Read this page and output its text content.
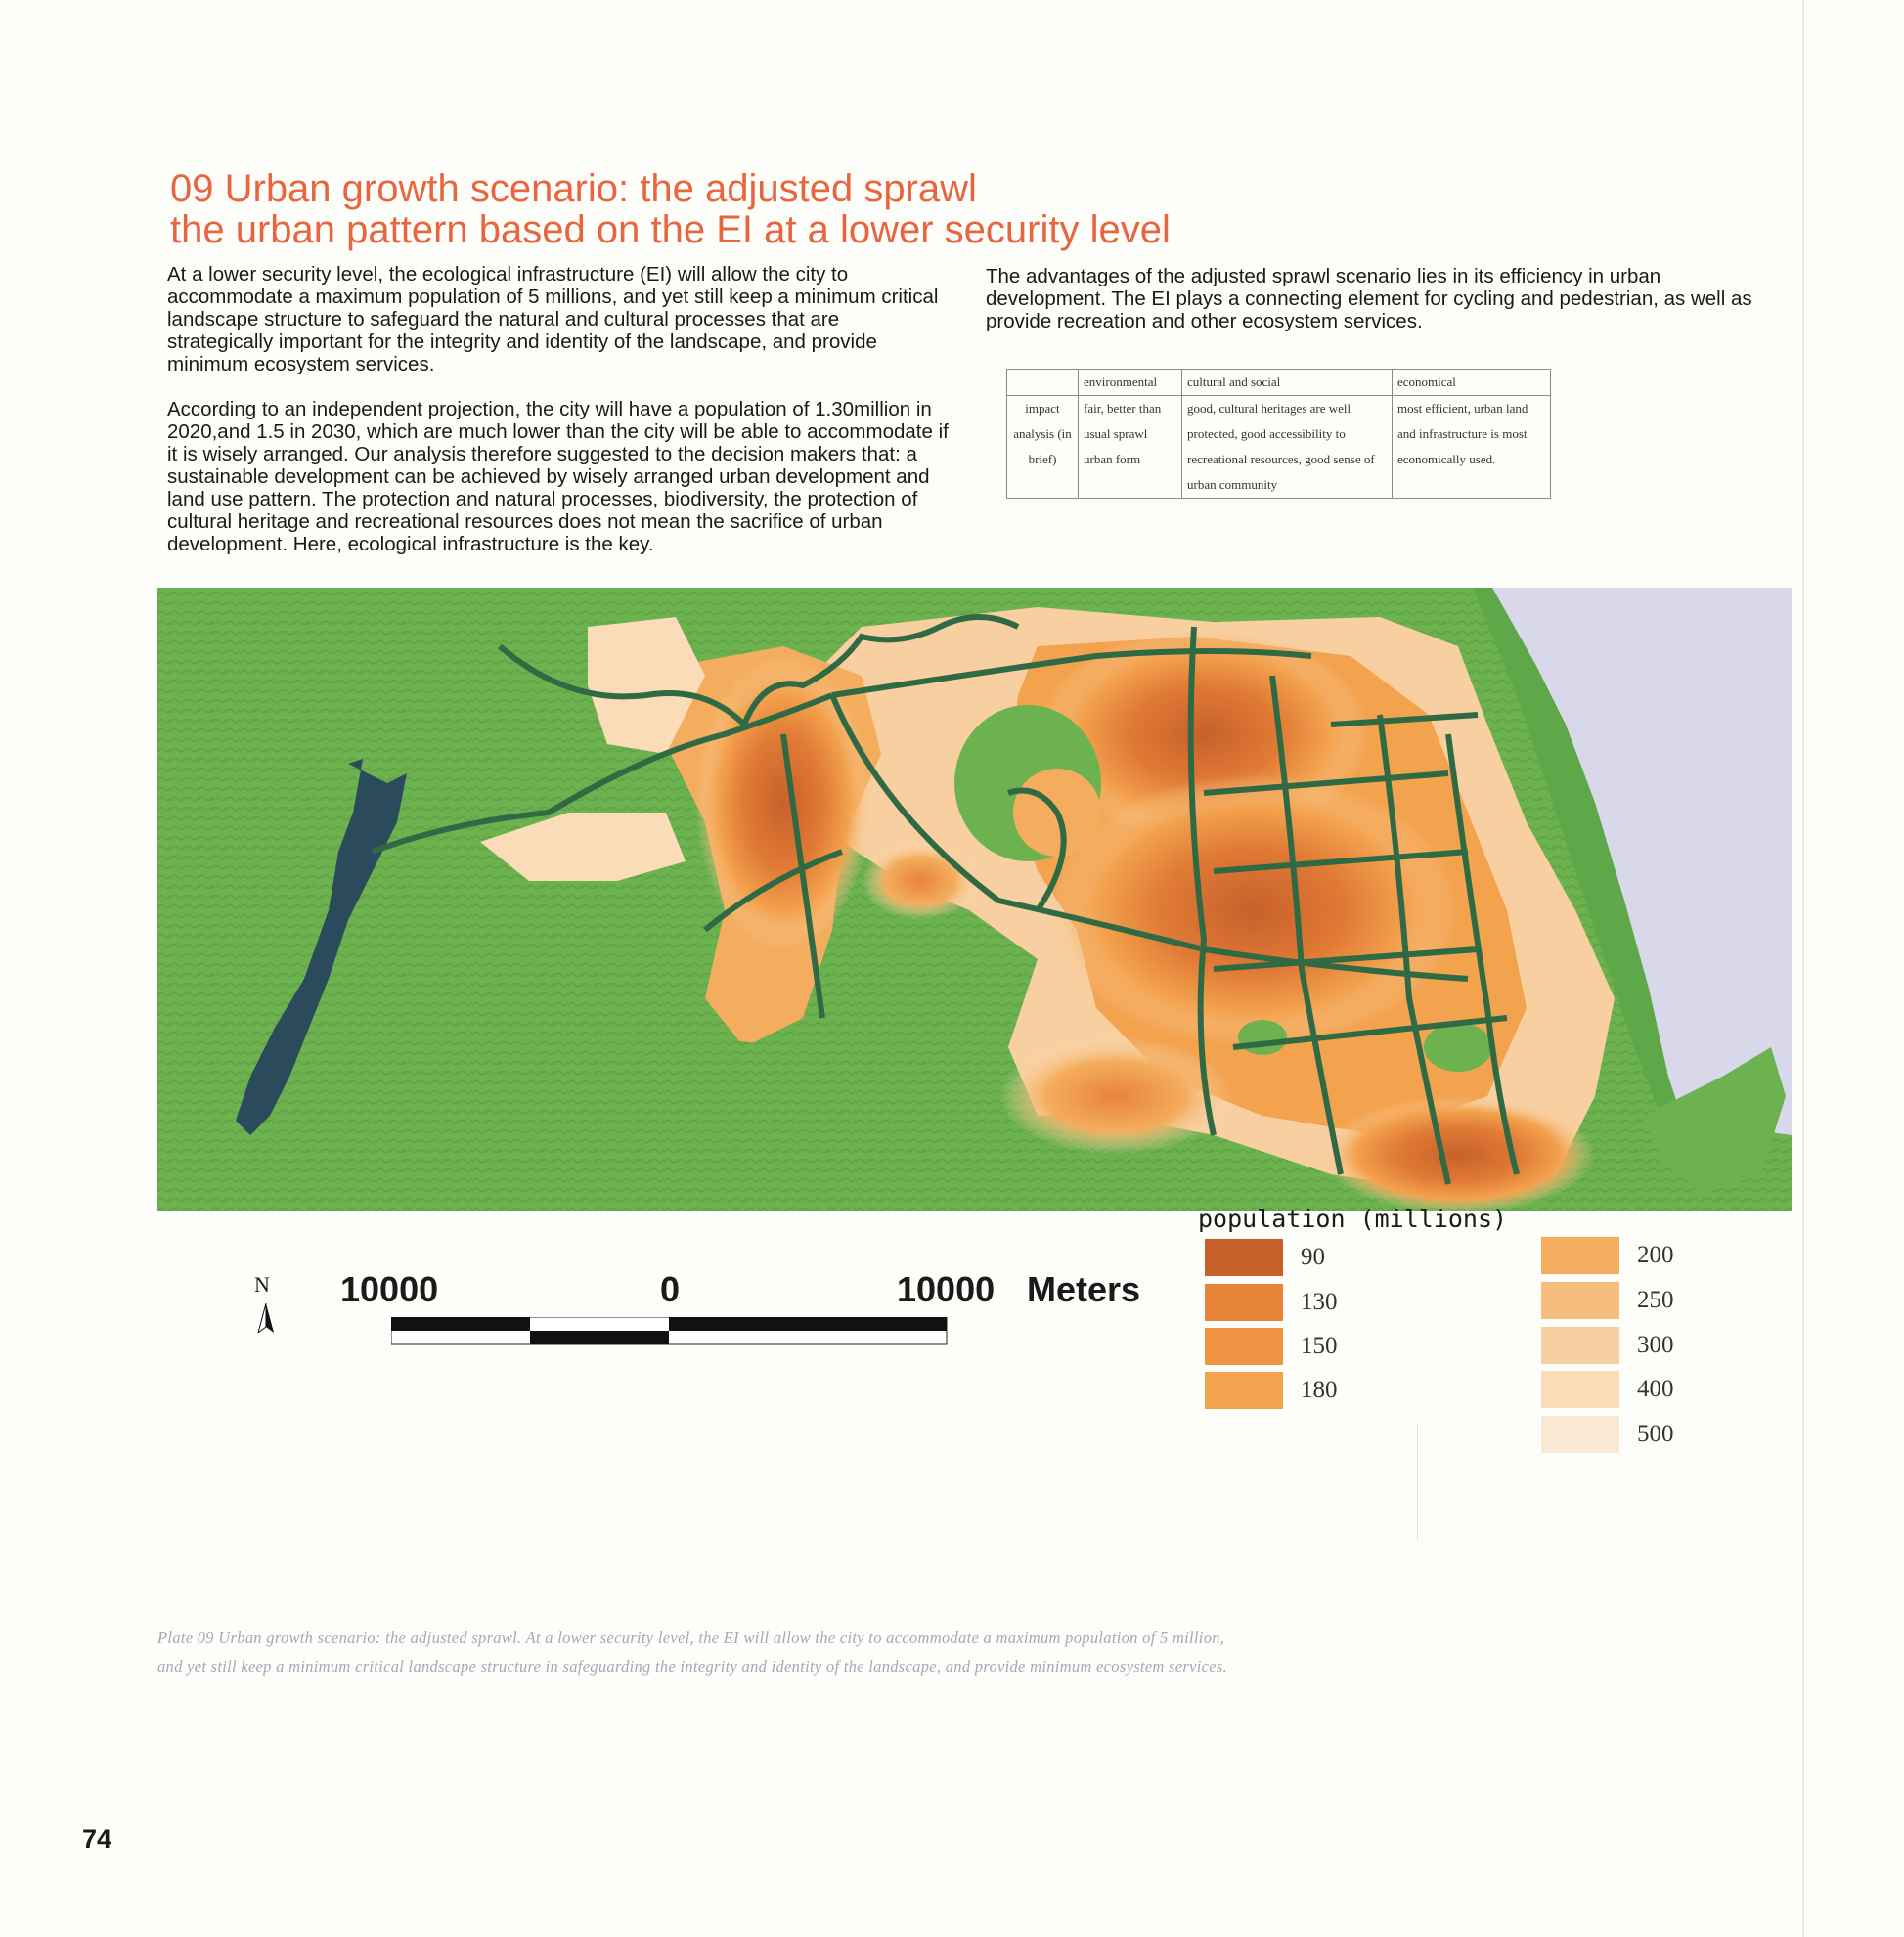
09 Urban growth scenario: the adjusted sprawl
the urban pattern based on the EI at a lower security level

At a lower security level, the ecological infrastructure (EI) will allow the city to accommodate a maximum population of 5 millions, and yet still keep a minimum critical landscape structure to safeguard the natural and cultural processes that are strategically important for the integrity and identity of the landscape, and provide minimum ecosystem services.

According to an independent projection, the city will have a population of 1.30million in 2020,and 1.5 in 2030, which are much lower than the city will be able to accommodate if it is wisely arranged. Our analysis therefore suggested to the decision makers that: a sustainable development can be achieved by wisely arranged urban development and land use pattern. The protection and natural processes, biodiversity, the protection of cultural heritage and recreational resources does not mean the sacrifice of urban development. Here, ecological infrastructure is the key.

The advantages of the adjusted sprawl scenario lies in its efficiency in urban development. The EI plays a connecting element for cycling and pedestrian, as well as provide recreation and other ecosystem services.

	environmental	cultural and social	economical
impact analysis (in brief)	fair, better than usual sprawl urban form	good, cultural heritages are well protected, good accessibility to recreational resources, good sense of urban community	most efficient, urban land and infrastructure is most economically used.
N 10000	0	10000 Meters
population (millions)
90
130
150
180
200
250
300
400
500

Plate 09 Urban growth scenario: the adjusted sprawl. At a lower security level, the EI will allow the city to accommodate a maximum population of 5 million, and yet still keep a minimum critical landscape structure in safeguarding the integrity and identity of the landscape, and provide minimum ecosystem services.

74
